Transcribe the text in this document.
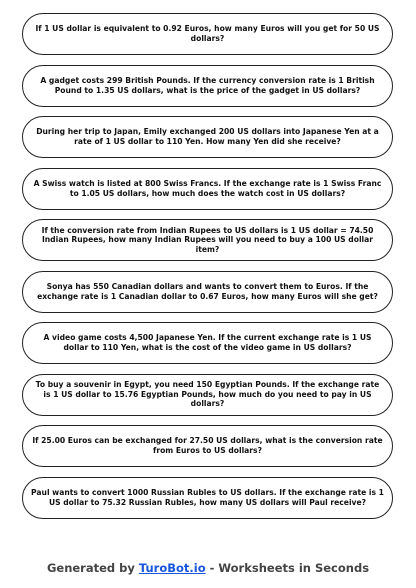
If 1 US dollar is equivalent to 0.92 Euros, how many Euros will you get for 50 US dollars?
A gadget costs 299 British Pounds. If the currency conversion rate is 1 British Pound to 1.35 US dollars, what is the price of the gadget in US dollars?
During her trip to Japan, Emily exchanged 200 US dollars into Japanese Yen at a rate of 1 US dollar to 110 Yen. How many Yen did she receive?
A Swiss watch is listed at 800 Swiss Francs. If the exchange rate is 1 Swiss Franc to 1.05 US dollars, how much does the watch cost in US dollars?
If the conversion rate from Indian Rupees to US dollars is 1 US dollar = 74.50 Indian Rupees, how many Indian Rupees will you need to buy a 100 US dollar item?
Sonya has 550 Canadian dollars and wants to convert them to Euros. If the exchange rate is 1 Canadian dollar to 0.67 Euros, how many Euros will she get?
A video game costs 4,500 Japanese Yen. If the current exchange rate is 1 US dollar to 110 Yen, what is the cost of the video game in US dollars?
To buy a souvenir in Egypt, you need 150 Egyptian Pounds. If the exchange rate is 1 US dollar to 15.76 Egyptian Pounds, how much do you need to pay in US dollars?
If 25.00 Euros can be exchanged for 27.50 US dollars, what is the conversion rate from Euros to US dollars?
Paul wants to convert 1000 Russian Rubles to US dollars. If the exchange rate is 1 US dollar to 75.32 Russian Rubles, how many US dollars will Paul receive?
Generated by TuroBot.io - Worksheets in Seconds
